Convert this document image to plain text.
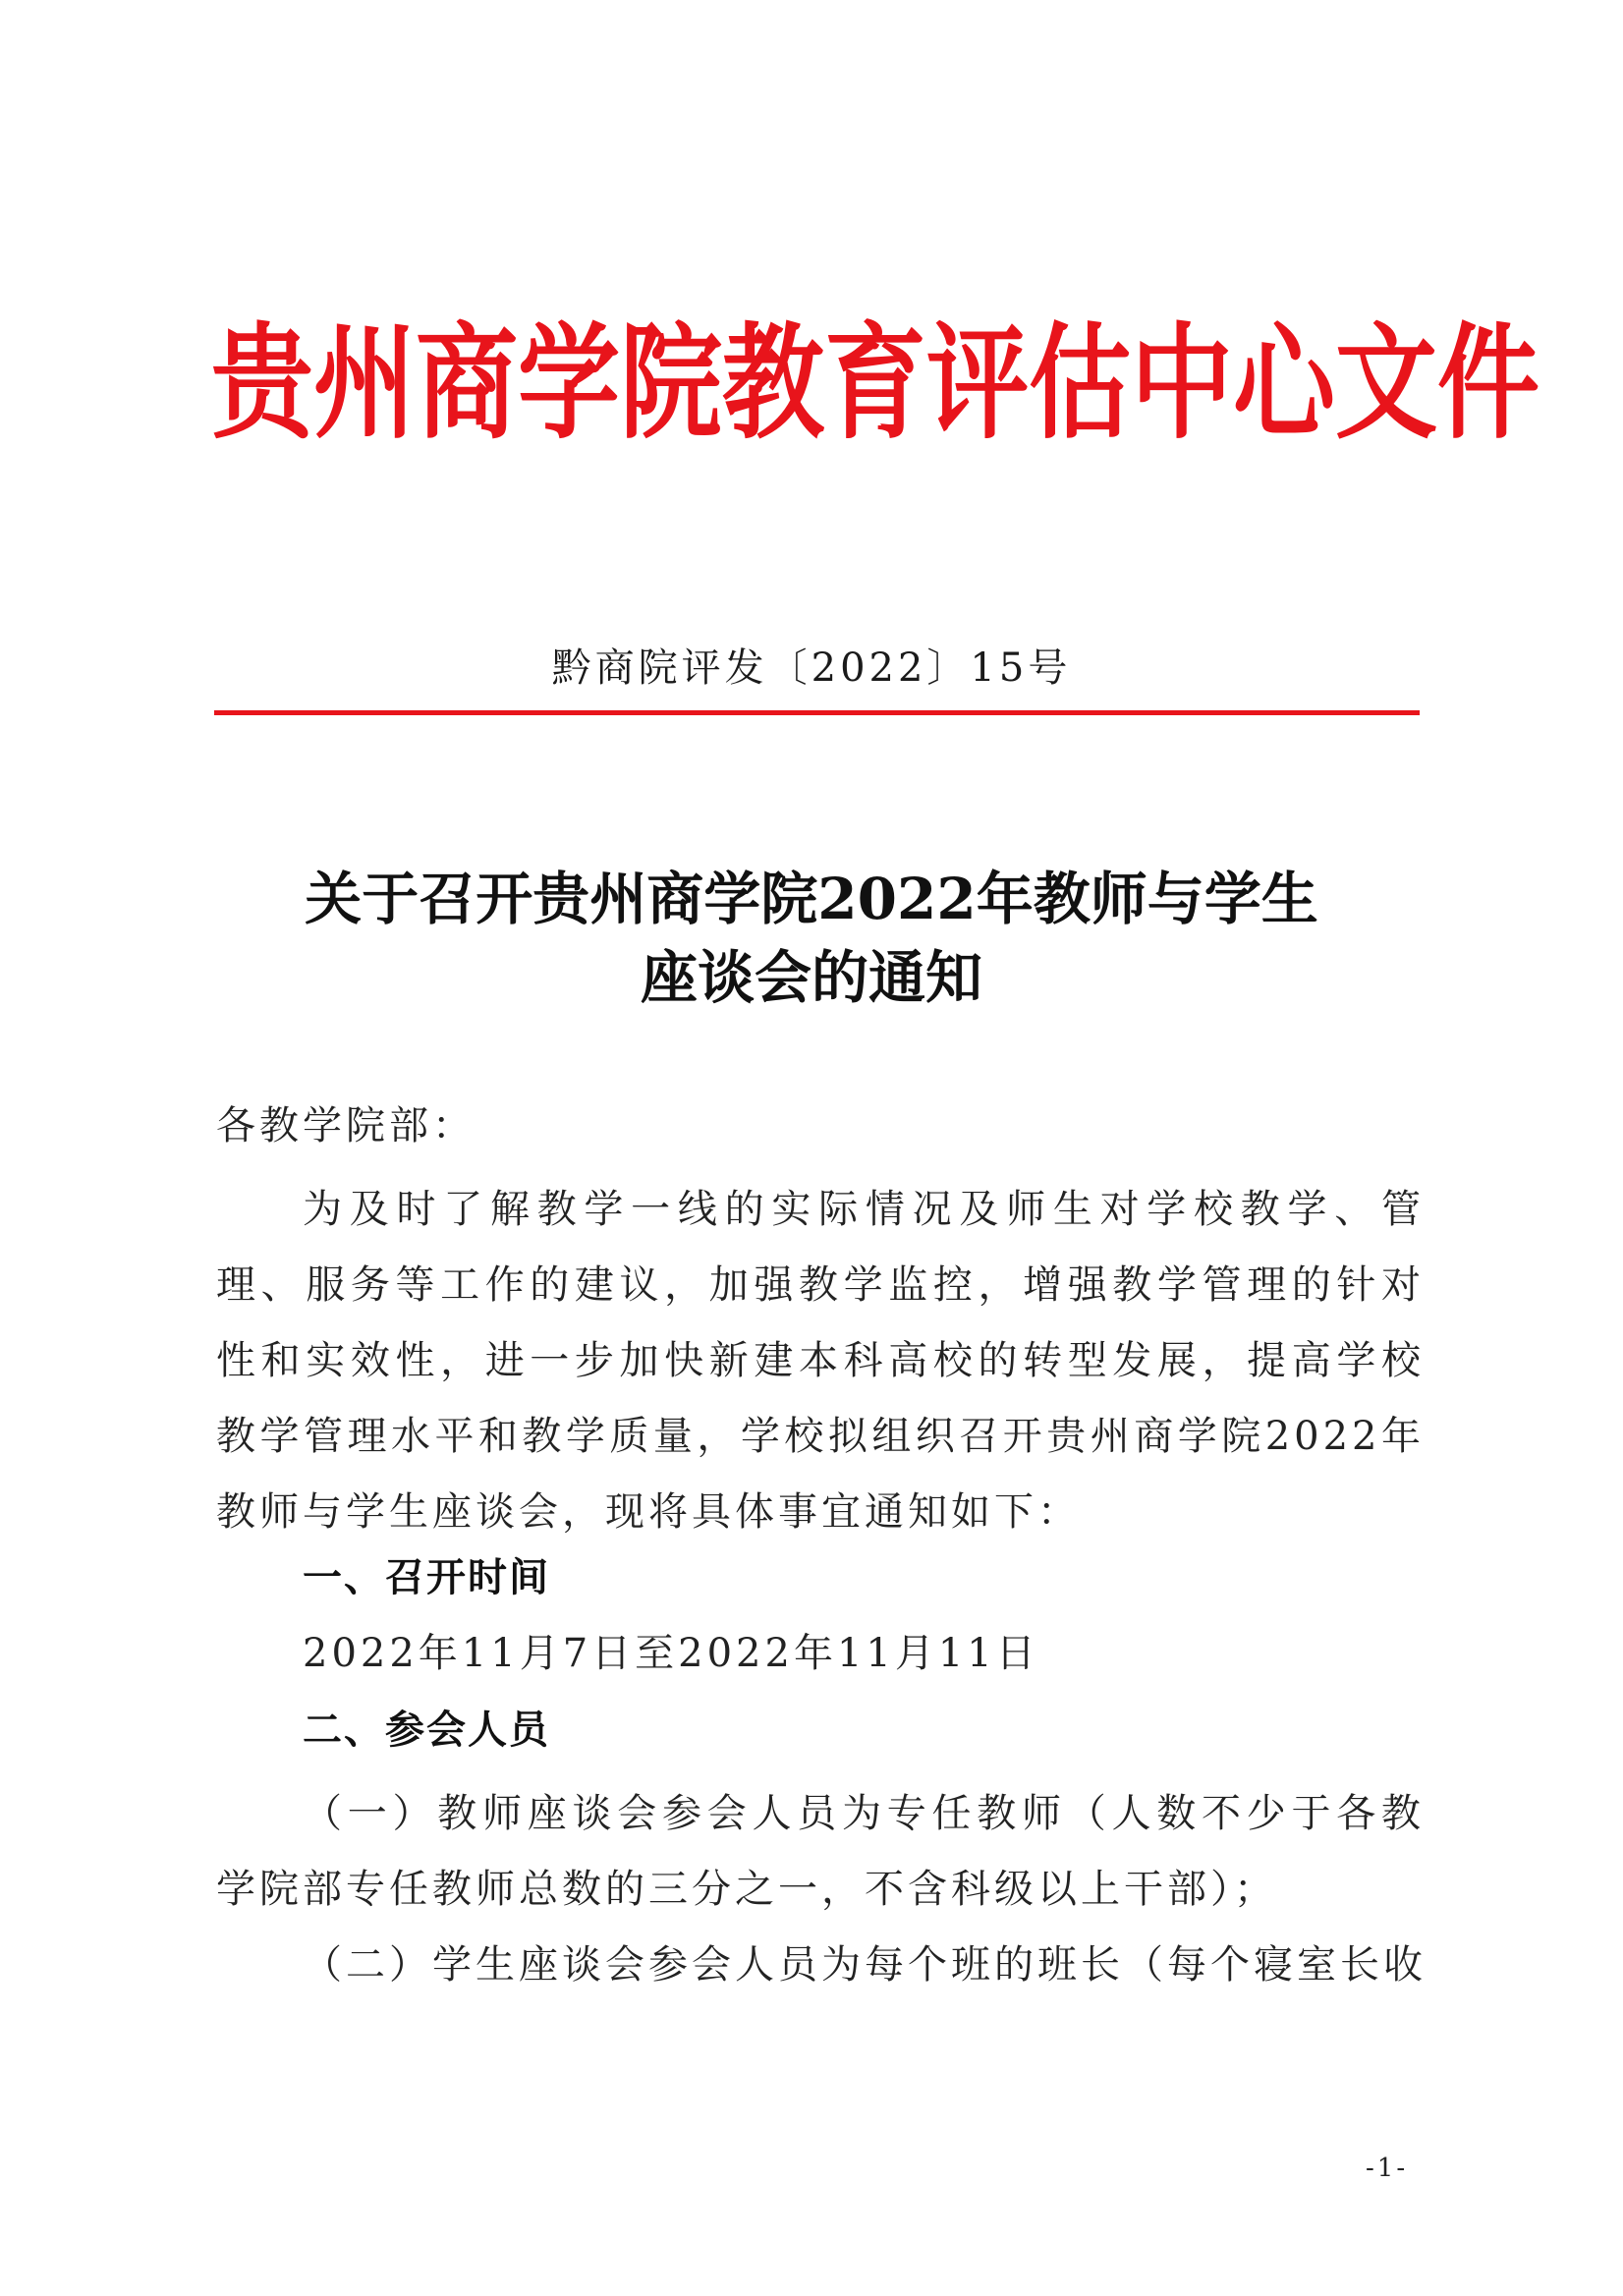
贵州商学院教育评估中心文件
黔商院评发〔2022〕15号
关于召开贵州商学院2022年教师与学生
座谈会的通知
各教学院部：

为及时了解教学一线的实际情况及师生对学校教学、管理、服务等工作的建议，加强教学监控，增强教学管理的针对性和实效性，进一步加快新建本科高校的转型发展，提高学校教学管理水平和教学质量，学校拟组织召开贵州商学院2022年教师与学生座谈会，现将具体事宜通知如下：

一、召开时间
2022年11月7日至2022年11月11日
二、参会人员

（一）教师座谈会参会人员为专任教师（人数不少于各教学院部专任教师总数的三分之一，不含科级以上干部）；

（二）学生座谈会参会人员为每个班的班长（每个寝室长收

-1-
